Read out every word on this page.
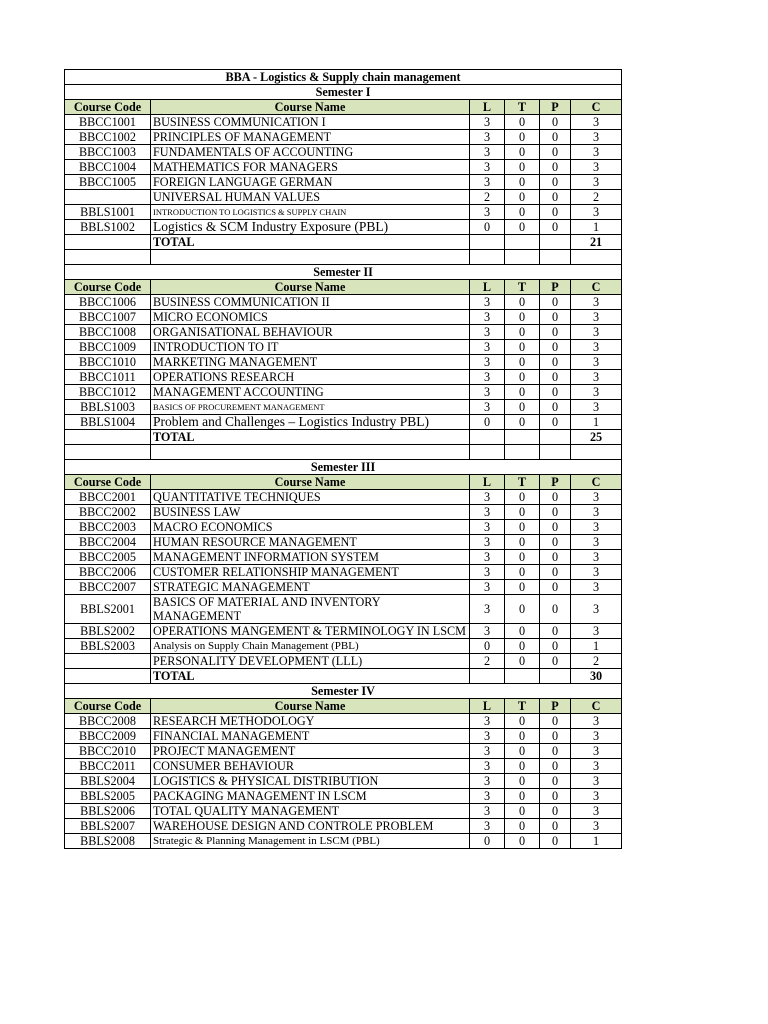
BBA - Logistics & Supply chain management					
Semester I					
Course Code	Course Name	L	T	P	C
BBCC1001	BUSINESS COMMUNICATION I	3	0	0	3
BBCC1002	PRINCIPLES OF MANAGEMENT	3	0	0	3
BBCC1003	FUNDAMENTALS OF ACCOUNTING	3	0	0	3
BBCC1004	MATHEMATICS FOR MANAGERS	3	0	0	3
BBCC1005	FOREIGN LANGUAGE GERMAN	3	0	0	3
	UNIVERSAL HUMAN VALUES	2	0	0	2
BBLS1001	INTRODUCTION TO LOGISTICS & SUPPLY CHAIN	3	0	0	3
BBLS1002	Logistics & SCM Industry Exposure (PBL)	0	0	0	1
	TOTAL				21

Semester II					
Course Code	Course Name	L	T	P	C
BBCC1006	BUSINESS COMMUNICATION II	3	0	0	3
BBCC1007	MICRO ECONOMICS	3	0	0	3
BBCC1008	ORGANISATIONAL BEHAVIOUR	3	0	0	3
BBCC1009	INTRODUCTION TO IT	3	0	0	3
BBCC1010	MARKETING MANAGEMENT	3	0	0	3
BBCC1011	OPERATIONS RESEARCH	3	0	0	3
BBCC1012	MANAGEMENT ACCOUNTING	3	0	0	3
BBLS1003	BASICS OF PROCUREMENT MANAGEMENT	3	0	0	3
BBLS1004	Problem and Challenges – Logistics Industry PBL)	0	0	0	1
	TOTAL				25

Semester III					
Course Code	Course Name	L	T	P	C
BBCC2001	QUANTITATIVE TECHNIQUES	3	0	0	3
BBCC2002	BUSINESS LAW	3	0	0	3
BBCC2003	MACRO ECONOMICS	3	0	0	3
BBCC2004	HUMAN RESOURCE MANAGEMENT	3	0	0	3
BBCC2005	MANAGEMENT INFORMATION SYSTEM	3	0	0	3
BBCC2006	CUSTOMER RELATIONSHIP MANAGEMENT	3	0	0	3
BBCC2007	STRATEGIC MANAGEMENT	3	0	0	3
BBLS2001	BASICS OF MATERIAL AND INVENTORY MANAGEMENT	3	0	0	3
BBLS2002	OPERATIONS MANGEMENT & TERMINOLOGY IN LSCM	3	0	0	3
BBLS2003	Analysis on Supply Chain Management (PBL)	0	0	0	1
	PERSONALITY DEVELOPMENT (LLL)	2	0	0	2
	TOTAL				30
Semester IV					
Course Code	Course Name	L	T	P	C
BBCC2008	RESEARCH METHODOLOGY	3	0	0	3
BBCC2009	FINANCIAL MANAGEMENT	3	0	0	3
BBCC2010	PROJECT MANAGEMENT	3	0	0	3
BBCC2011	CONSUMER BEHAVIOUR	3	0	0	3
BBLS2004	LOGISTICS & PHYSICAL DISTRIBUTION	3	0	0	3
BBLS2005	PACKAGING MANAGEMENT IN LSCM	3	0	0	3
BBLS2006	TOTAL QUALITY MANAGEMENT	3	0	0	3
BBLS2007	WAREHOUSE DESIGN AND CONTROLE PROBLEM	3	0	0	3
BBLS2008	Strategic & Planning Management in LSCM (PBL)	0	0	0	1
